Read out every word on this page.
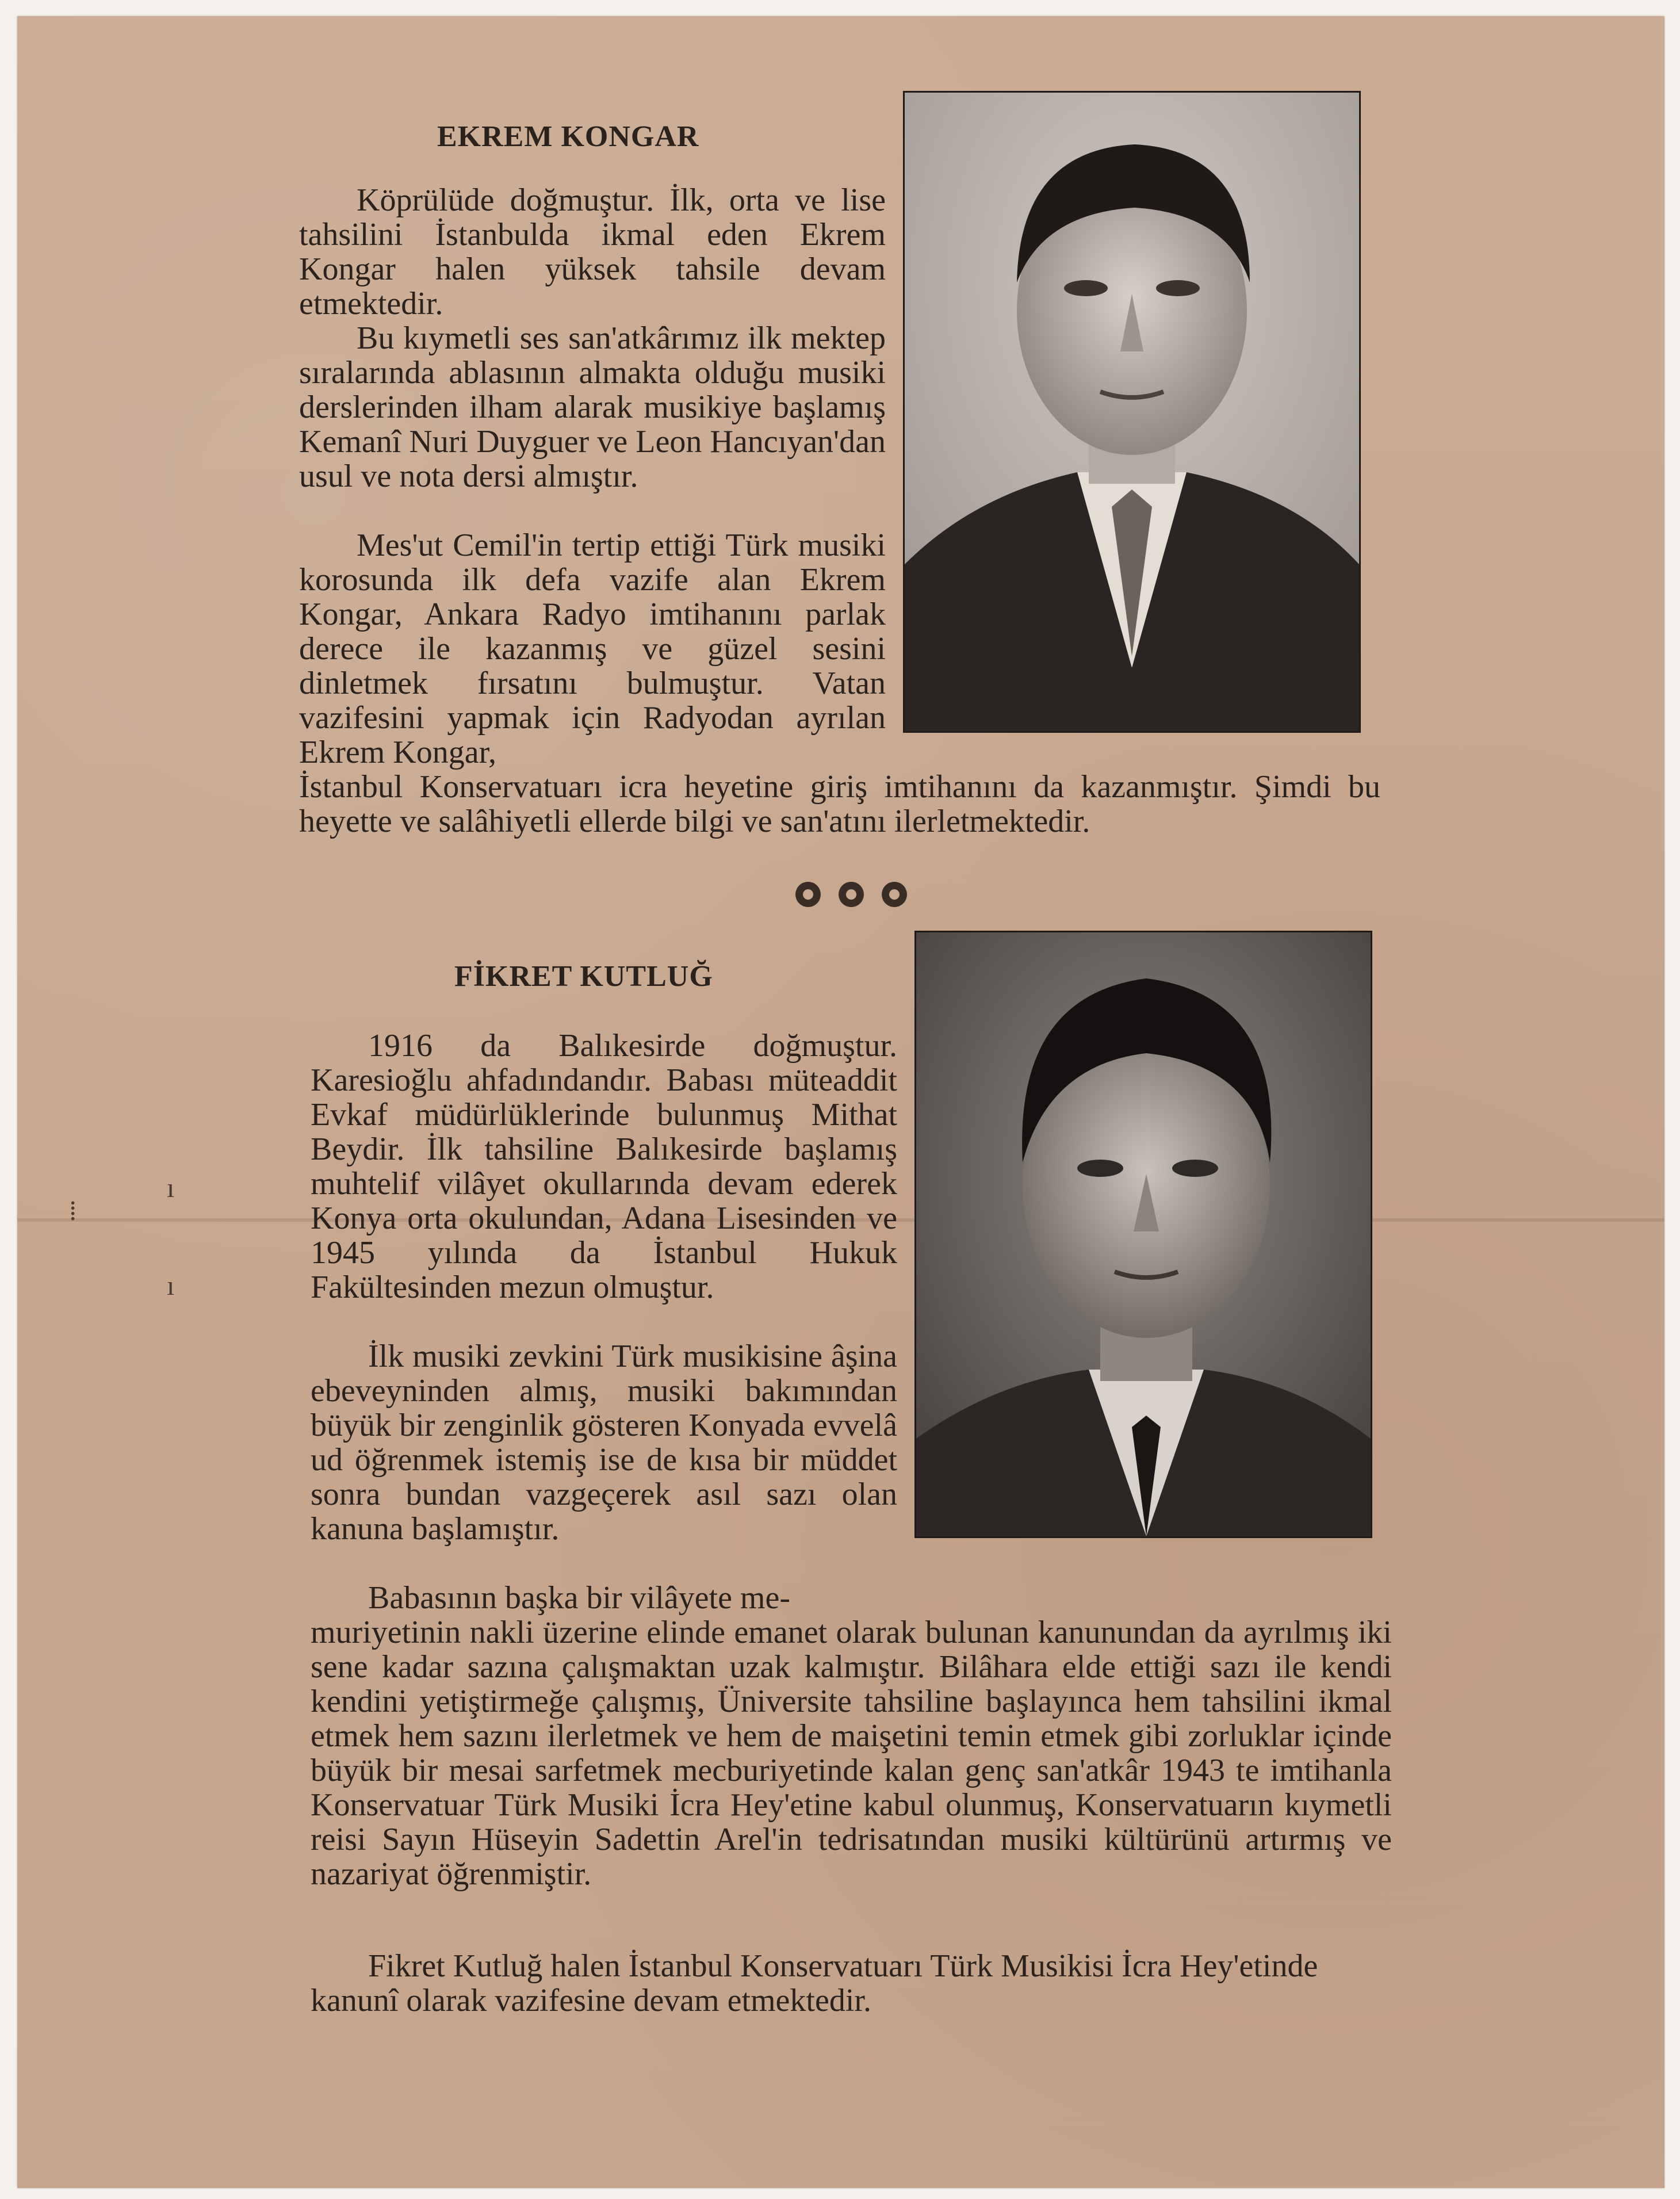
EKREM KONGAR

Köprülüde doğmuştur. İlk, orta ve lise tahsilini İstanbulda ikmal eden Ekrem Kongar halen yüksek tahsile devam etmektedir.

Bu kıymetli ses san'atkârımız ilk mektep sıralarında ablasının almakta olduğu musiki derslerinden ilham alarak musikiye başlamış Kemanî Nuri Duyguer ve Leon Hancıyan'dan usul ve nota dersi almıştır.

Mes'ut Cemil'in tertip ettiği Türk musiki korosunda ilk defa vazife alan Ekrem Kongar, Ankara Radyo imtihanını parlak derece ile kazanmış ve güzel sesini dinletmek fırsatını bulmuştur. Vatan vazifesini yapmak için Radyodan ayrılan Ekrem Kongar,

İstanbul Konservatuarı icra heyetine giriş imtihanını da kazanmıştır. Şimdi bu heyette ve salâhiyetli ellerde bilgi ve san'atını ilerletmektedir.

FİKRET KUTLUĞ

1916 da Balıkesirde doğmuştur. Karesioğlu ahfadındandır. Babası müteaddit Evkaf müdürlüklerinde bulunmuş Mithat Beydir. İlk tahsiline Balıkesirde başlamış muhtelif vilâyet okullarında devam ederek Konya orta okulundan, Adana Lisesinden ve 1945 yılında da İstanbul Hukuk Fakültesinden mezun olmuştur.

İlk musiki zevkini Türk musikisine âşina ebeveyninden almış, musiki bakımından büyük bir zenginlik gösteren Konyada evvelâ ud öğrenmek istemiş ise de kısa bir müddet sonra bundan vazgeçerek asıl sazı olan kanuna başlamıştır.

Babasının başka bir vilâyete me-

muriyetinin nakli üzerine elinde emanet olarak bulunan kanunundan da ayrılmış iki sene kadar sazına çalışmaktan uzak kalmıştır. Bilâhara elde ettiği sazı ile kendi kendini yetiştirmeğe çalışmış, Üniversite tahsiline başlayınca hem tahsilini ikmal etmek hem sazını ilerletmek ve hem de maişetini temin etmek gibi zorluklar içinde büyük bir mesai sarfetmek mecburiyetinde kalan genç san'atkâr 1943 te imtihanla Konservatuar Türk Musiki İcra Hey'etine kabul olunmuş, Konservatuarın kıymetli reisi Sayın Hüseyin Sadettin Arel'in tedrisatından musiki kültürünü artırmış ve nazariyat öğrenmiştir.

Fikret Kutluğ halen İstanbul Konservatuarı Türk Musikisi İcra Hey'etinde kanunî olarak vazifesine devam etmektedir.

⁞
ı
ı
